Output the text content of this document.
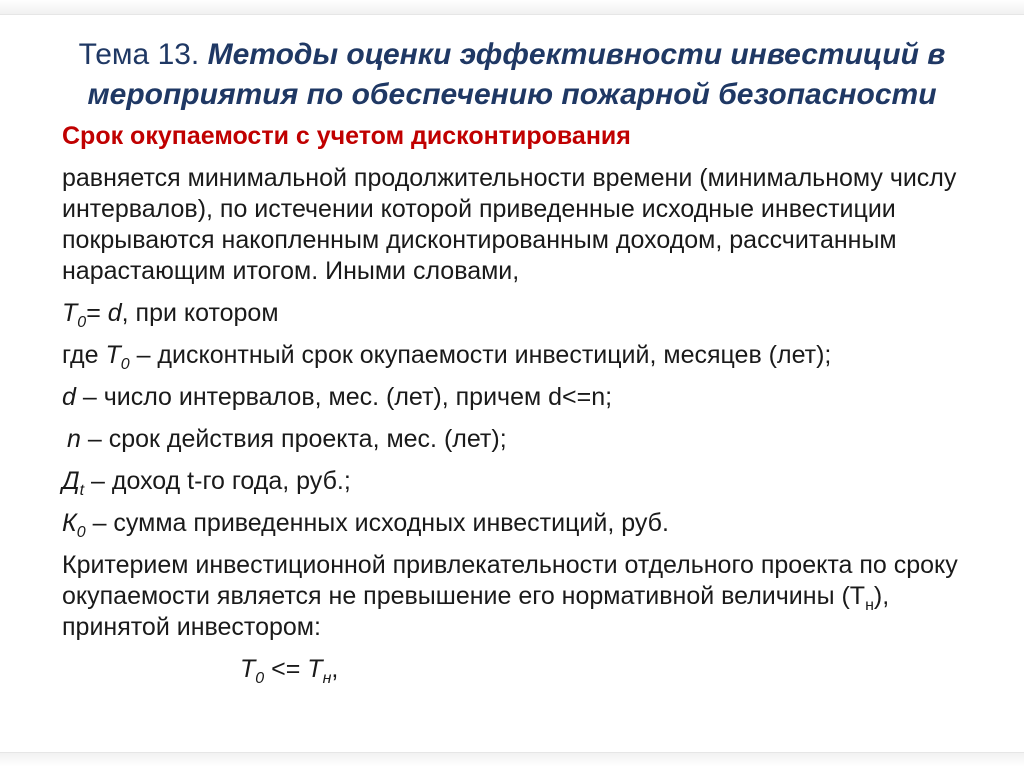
Тема 13. Методы оценки эффективности инвестиций в
мероприятия по обеспечению пожарной безопасности

Срок окупаемости с учетом дисконтирования

равняется минимальной продолжительности времени (минимальному числу интервалов), по истечении которой приведенные исходные инвестиции покрываются накопленным дисконтированным доходом, рассчитанным нарастающим итогом. Иными словами,

$T_0= d$, при котором

где $T_0$ – дисконтный срок окупаемости инвестиций, месяцев (лет);

d – число интервалов, мес. (лет), причем d<=n;

n – срок действия проекта, мес. (лет);

$Д_t$ – доход t-го года, руб.;

$К_0$ – сумма приведенных исходных инвестиций, руб.

Критерием инвестиционной привлекательности отдельного проекта по сроку окупаемости является не превышение его нормативной величины $(Т_н)$, принятой инвестором:

$T_0 <= T_н$,
